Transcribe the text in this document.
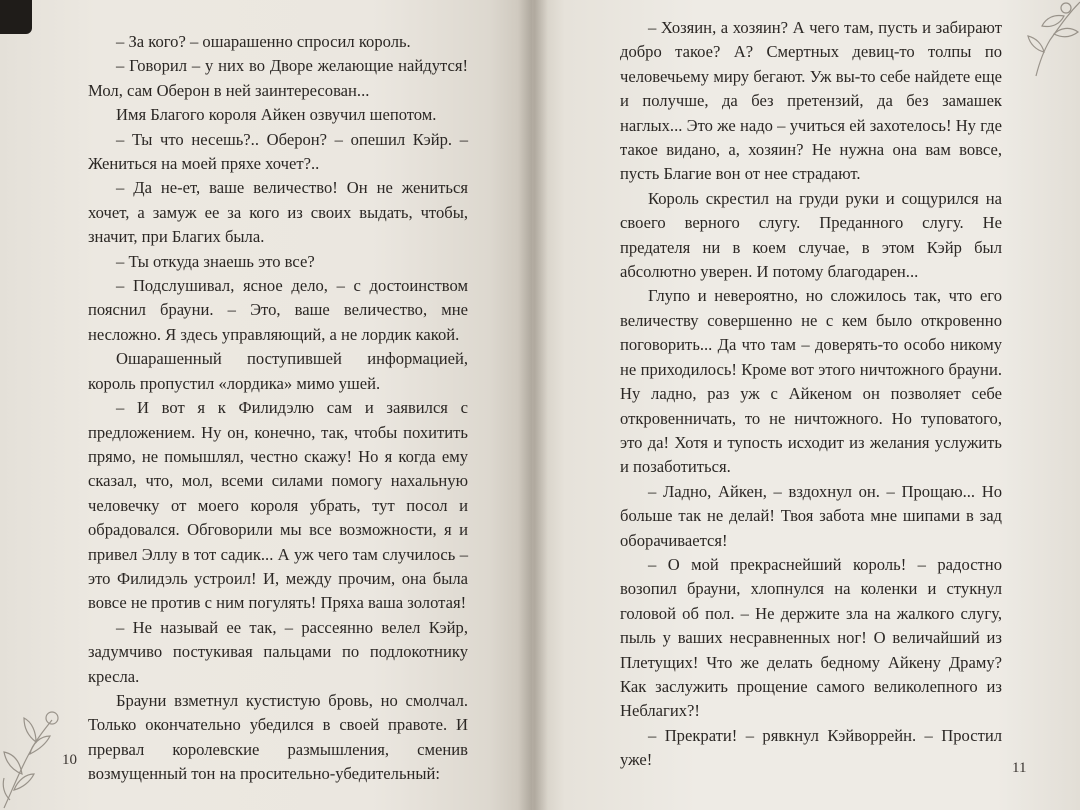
– За кого? – ошарашенно спросил король.

– Говорил – у них во Дворе желающие найдутся! Мол, сам Оберон в ней заинтересован...

Имя Благого короля Айкен озвучил шепотом.

– Ты что несешь?.. Оберон? – опешил Кэйр. – Жениться на моей пряхе хочет?..

– Да не-ет, ваше величество! Он не жениться хочет, а замуж ее за кого из своих выдать, чтобы, значит, при Благих была.

– Ты откуда знаешь это все?

– Подслушивал, ясное дело, – с достоинством пояснил брауни. – Это, ваше величество, мне несложно. Я здесь управляющий, а не лордик какой.

Ошарашенный поступившей информацией, король пропустил «лордика» мимо ушей.

– И вот я к Филидэлю сам и заявился с предложением. Ну он, конечно, так, чтобы похитить прямо, не помышлял, честно скажу! Но я когда ему сказал, что, мол, всеми силами помогу нахальную человечку от моего короля убрать, тут посол и обрадовался. Обговорили мы все возможности, я и привел Эллу в тот садик... А уж чего там случилось – это Филидэль устроил! И, между прочим, она была вовсе не против с ним погулять! Пряха ваша золотая!

– Не называй ее так, – рассеянно велел Кэйр, задумчиво постукивая пальцами по подлокотнику кресла.

Брауни взметнул кустистую бровь, но смолчал. Только окончательно убедился в своей правоте. И прервал королевские размышления, сменив возмущенный тон на просительно-убедительный:

– Хозяин, а хозяин? А чего там, пусть и забирают добро такое? А? Смертных девиц-то толпы по человечьему миру бегают. Уж вы-то себе найдете еще и получше, да без претензий, да без замашек наглых... Это же надо – учиться ей захотелось! Ну где такое видано, а, хозяин? Не нужна она вам вовсе, пусть Благие вон от нее страдают.

Король скрестил на груди руки и сощурился на своего верного слугу. Преданного слугу. Не предателя ни в коем случае, в этом Кэйр был абсолютно уверен. И потому благодарен...

Глупо и невероятно, но сложилось так, что его величеству совершенно не с кем было откровенно поговорить... Да что там – доверять-то особо никому не приходилось! Кроме вот этого ничтожного брауни. Ну ладно, раз уж с Айкеном он позволяет себе откровенничать, то не ничтожного. Но туповатого, это да! Хотя и тупость исходит из желания услужить и позаботиться.

– Ладно, Айкен, – вздохнул он. – Прощаю... Но больше так не делай! Твоя забота мне шипами в зад оборачивается!

– О мой прекраснейший король! – радостно возопил брауни, хлопнулся на коленки и стукнул головой об пол. – Не держите зла на жалкого слугу, пыль у ваших несравненных ног! О величайший из Плетущих! Что же делать бедному Айкену Драму? Как заслужить прощение самого великолепного из Неблагих?!

– Прекрати! – рявкнул Кэйворрейн. – Простил уже!

10	11
